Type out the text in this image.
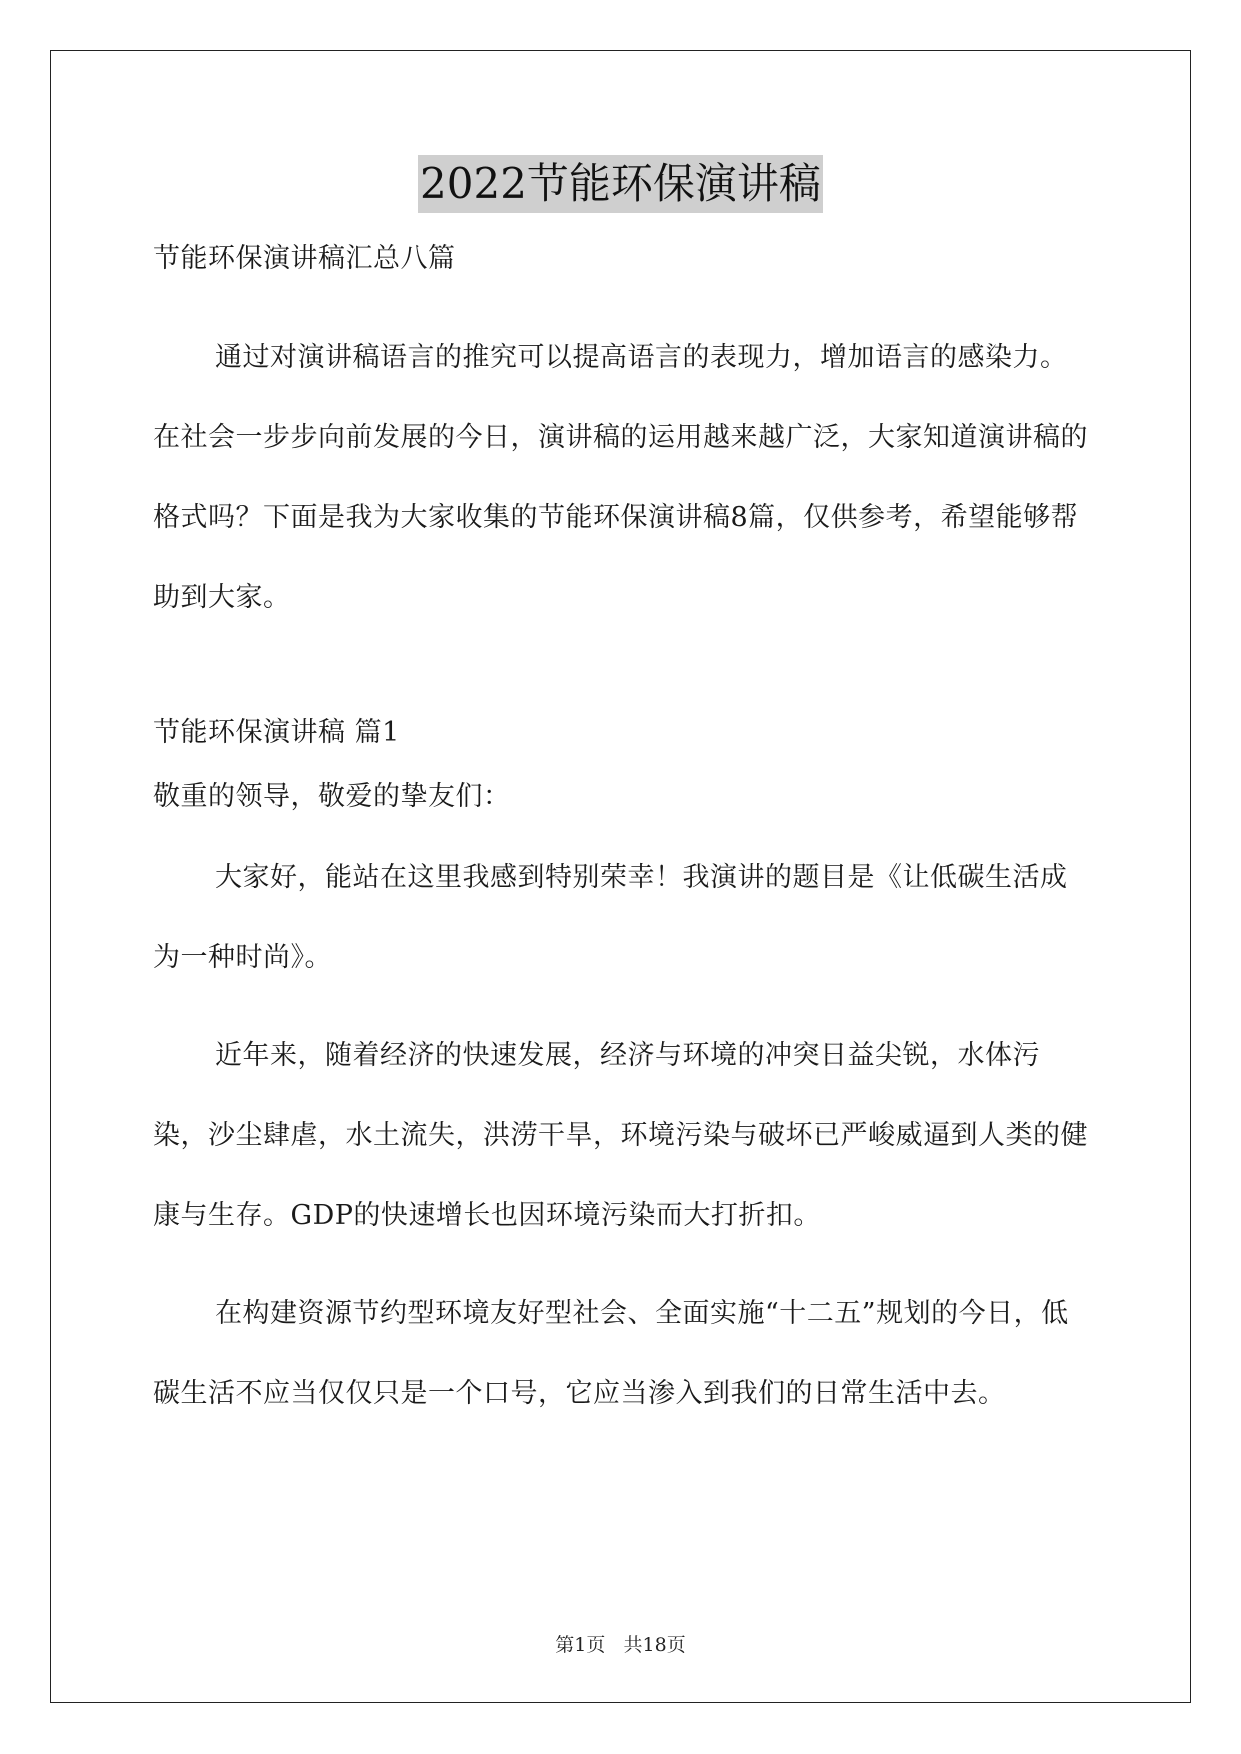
2022节能环保演讲稿

节能环保演讲稿汇总八篇

通过对演讲稿语言的推究可以提高语言的表现力，增加语言的感染力。在社会一步步向前发展的今日，演讲稿的运用越来越广泛，大家知道演讲稿的格式吗？下面是我为大家收集的节能环保演讲稿8篇，仅供参考，希望能够帮助到大家。

节能环保演讲稿 篇1

敬重的领导，敬爱的挚友们：

大家好，能站在这里我感到特别荣幸！我演讲的题目是《让低碳生活成为一种时尚》。

近年来，随着经济的快速发展，经济与环境的冲突日益尖锐，水体污染，沙尘肆虐，水土流失，洪涝干旱，环境污染与破坏已严峻威逼到人类的健康与生存。GDP的快速增长也因环境污染而大打折扣。

在构建资源节约型环境友好型社会、全面实施“十二五”规划的今日，低碳生活不应当仅仅只是一个口号，它应当渗入到我们的日常生活中去。

第1页 共18页
